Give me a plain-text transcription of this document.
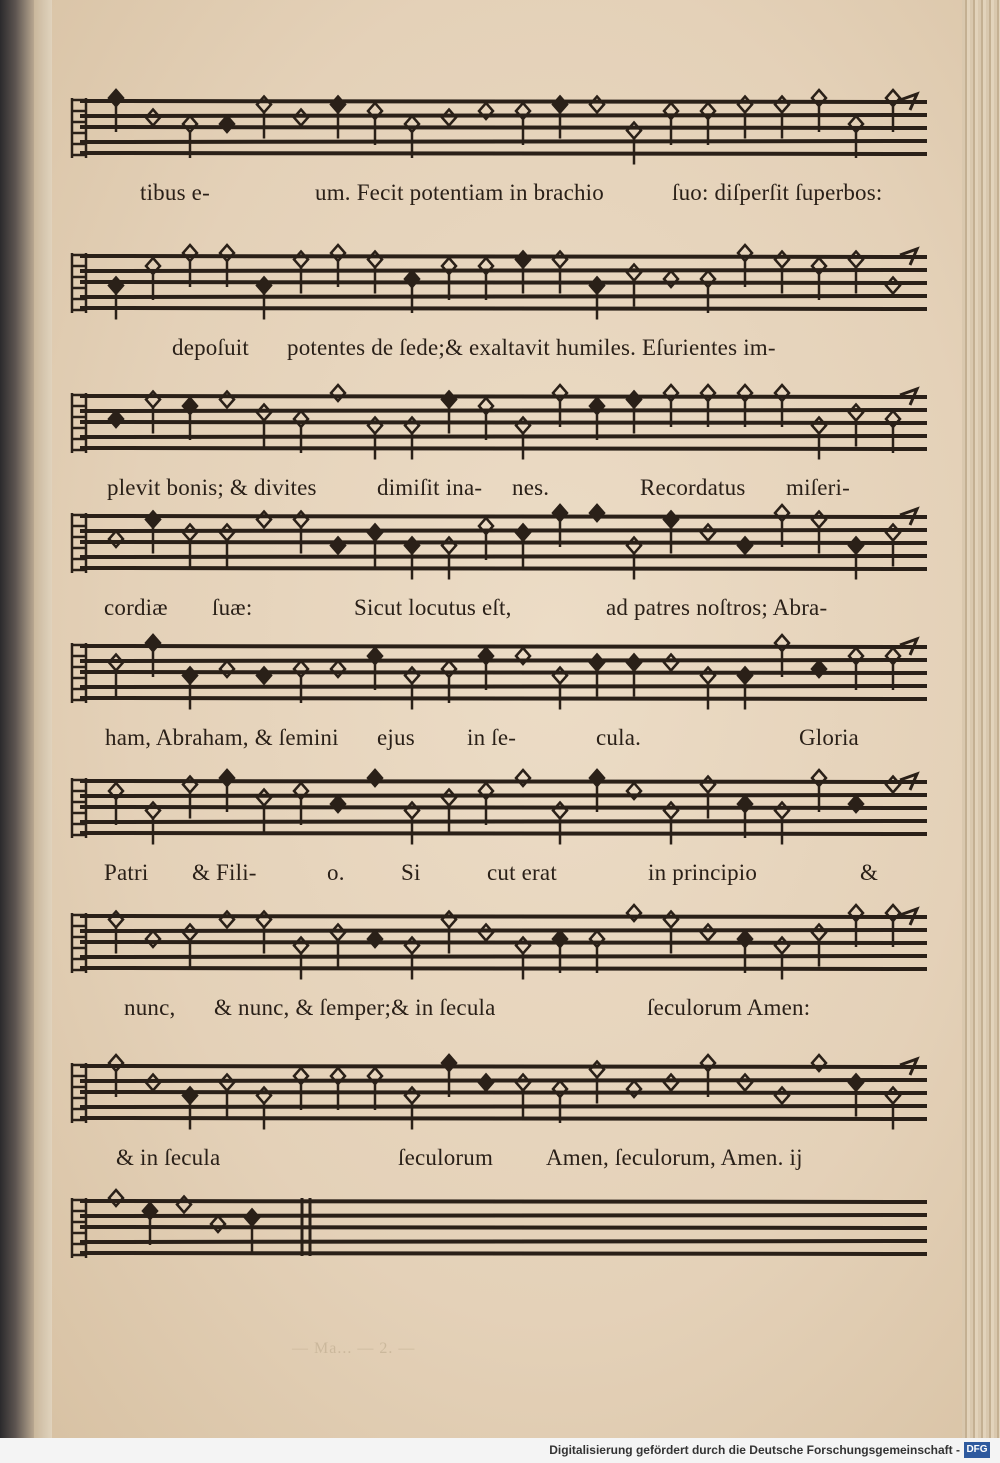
— Ma... — 2. —
tibus e-	um. Fecit potentiam in brachio	ſuo: diſperſit ſuperbos:
depoſuit potentes de ſede;& exaltavit humiles. Eſurientes im-
plevit bonis; & divites	dimiſit ina- nes.	Recordatus miſeri-
cordiæ ſuæ:	Sicut locutus eſt,	ad patres noſtros; Abra-
ham, Abraham, & ſemini ejus in ſe-	cula.	Gloria
Patri & Fili-	o. Si	cut erat	in principio	&
nunc, & nunc, & ſemper;& in ſecula	ſeculorum Amen:
& in ſecula	ſeculorum Amen, ſeculorum, Amen. ij
Digitalisierung gefördert durch die Deutsche Forschungsgemeinschaft - DFG
